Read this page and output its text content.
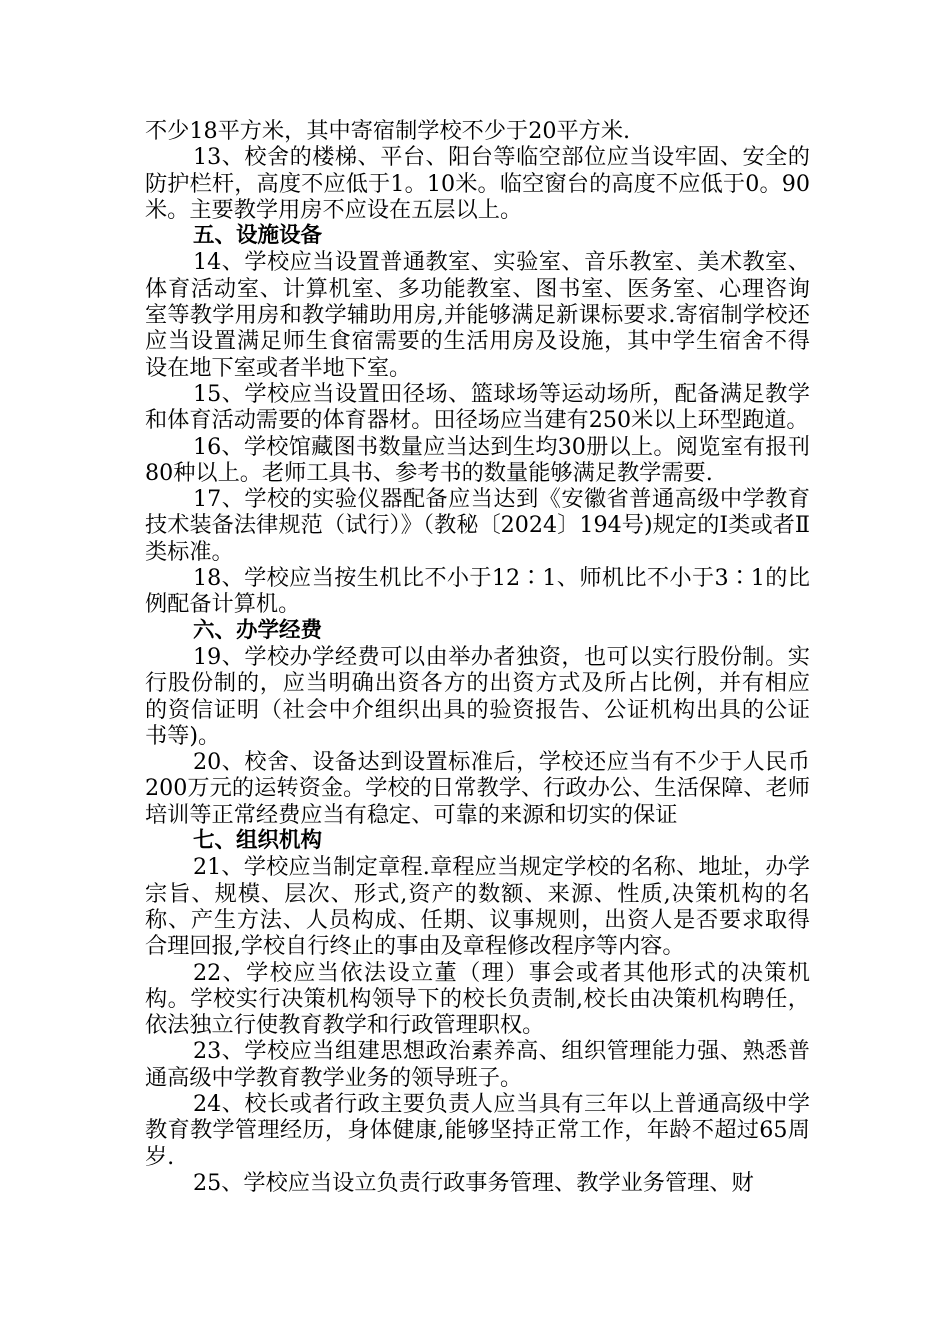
不少18平方米，其中寄宿制学校不少于20平方米.

13、校舍的楼梯、平台、阳台等临空部位应当设牢固、安全的防护栏杆，高度不应低于1。10米。临空窗台的高度不应低于0。90米。主要教学用房不应设在五层以上。

五、设施设备

14、学校应当设置普通教室、实验室、音乐教室、美术教室、体育活动室、计算机室、多功能教室、图书室、医务室、心理咨询室等教学用房和教学辅助用房,并能够满足新课标要求.寄宿制学校还应当设置满足师生食宿需要的生活用房及设施，其中学生宿舍不得设在地下室或者半地下室。

15、学校应当设置田径场、篮球场等运动场所，配备满足教学和体育活动需要的体育器材。田径场应当建有250米以上环型跑道。

16、学校馆藏图书数量应当达到生均30册以上。阅览室有报刊80种以上。老师工具书、参考书的数量能够满足教学需要.

17、学校的实验仪器配备应当达到《安徽省普通高级中学教育技术装备法律规范（试行）》（教秘〔2024〕194号)规定的Ⅰ类或者Ⅱ类标准。

18、学校应当按生机比不小于12∶1、师机比不小于3∶1的比例配备计算机。

六、办学经费

19、学校办学经费可以由举办者独资，也可以实行股份制。实行股份制的，应当明确出资各方的出资方式及所占比例，并有相应的资信证明（社会中介组织出具的验资报告、公证机构出具的公证书等)。

20、校舍、设备达到设置标准后，学校还应当有不少于人民币200万元的运转资金。学校的日常教学、行政办公、生活保障、老师培训等正常经费应当有稳定、可靠的来源和切实的保证

七、组织机构

21、学校应当制定章程.章程应当规定学校的名称、地址，办学宗旨、规模、层次、形式,资产的数额、来源、性质,决策机构的名称、产生方法、人员构成、任期、议事规则，出资人是否要求取得合理回报,学校自行终止的事由及章程修改程序等内容。

22、学校应当依法设立董（理）事会或者其他形式的决策机构。学校实行决策机构领导下的校长负责制,校长由决策机构聘任，依法独立行使教育教学和行政管理职权。

23、学校应当组建思想政治素养高、组织管理能力强、熟悉普通高级中学教育教学业务的领导班子。

24、校长或者行政主要负责人应当具有三年以上普通高级中学教育教学管理经历，身体健康,能够坚持正常工作，年龄不超过65周岁.

25、学校应当设立负责行政事务管理、教学业务管理、财
